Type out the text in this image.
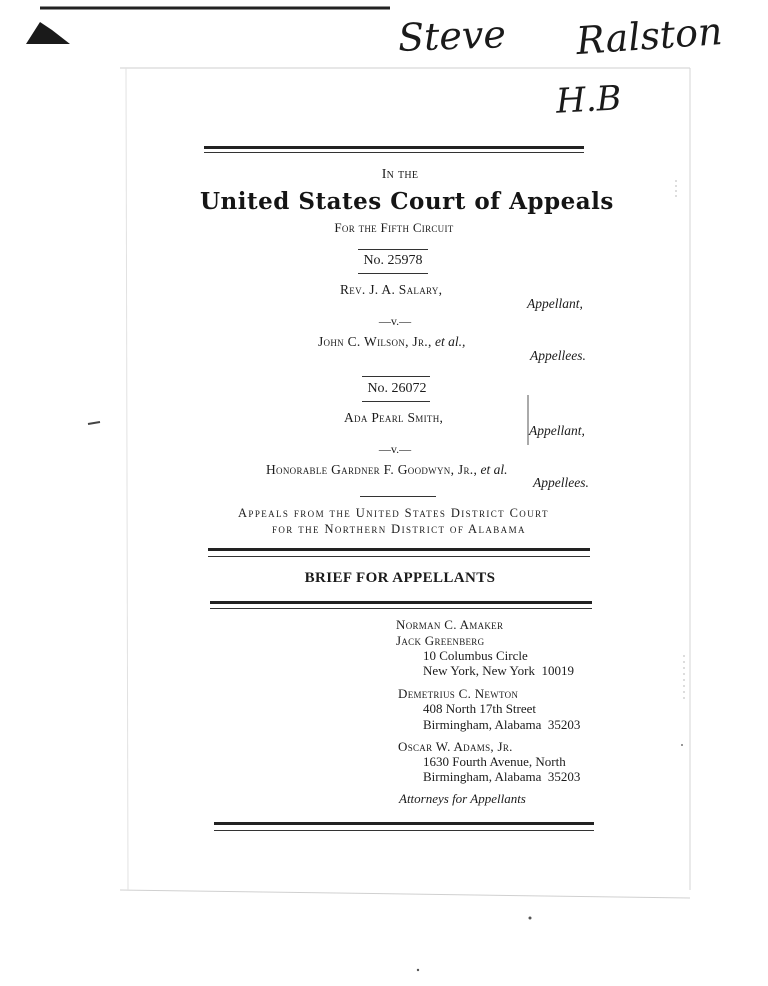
Steve Ralston
H.B
In the
United States Court of Appeals
For the Fifth Circuit
No. 25978
Rev. J. A. Salary,
Appellant,
—v.—
John C. Wilson, Jr., et al.,
Appellees.
No. 26072
Ada Pearl Smith,
Appellant,
—v.—
Honorable Gardner F. Goodwyn, Jr., et al.
Appellees.
Appeals from the United States District Court
for the Northern District of Alabama
BRIEF FOR APPELLANTS
Norman C. Amaker
Jack Greenberg
10 Columbus Circle
New York, New York  10019
Demetrius C. Newton
408 North 17th Street
Birmingham, Alabama  35203
Oscar W. Adams, Jr.
1630 Fourth Avenue, North
Birmingham, Alabama  35203
Attorneys for Appellants
